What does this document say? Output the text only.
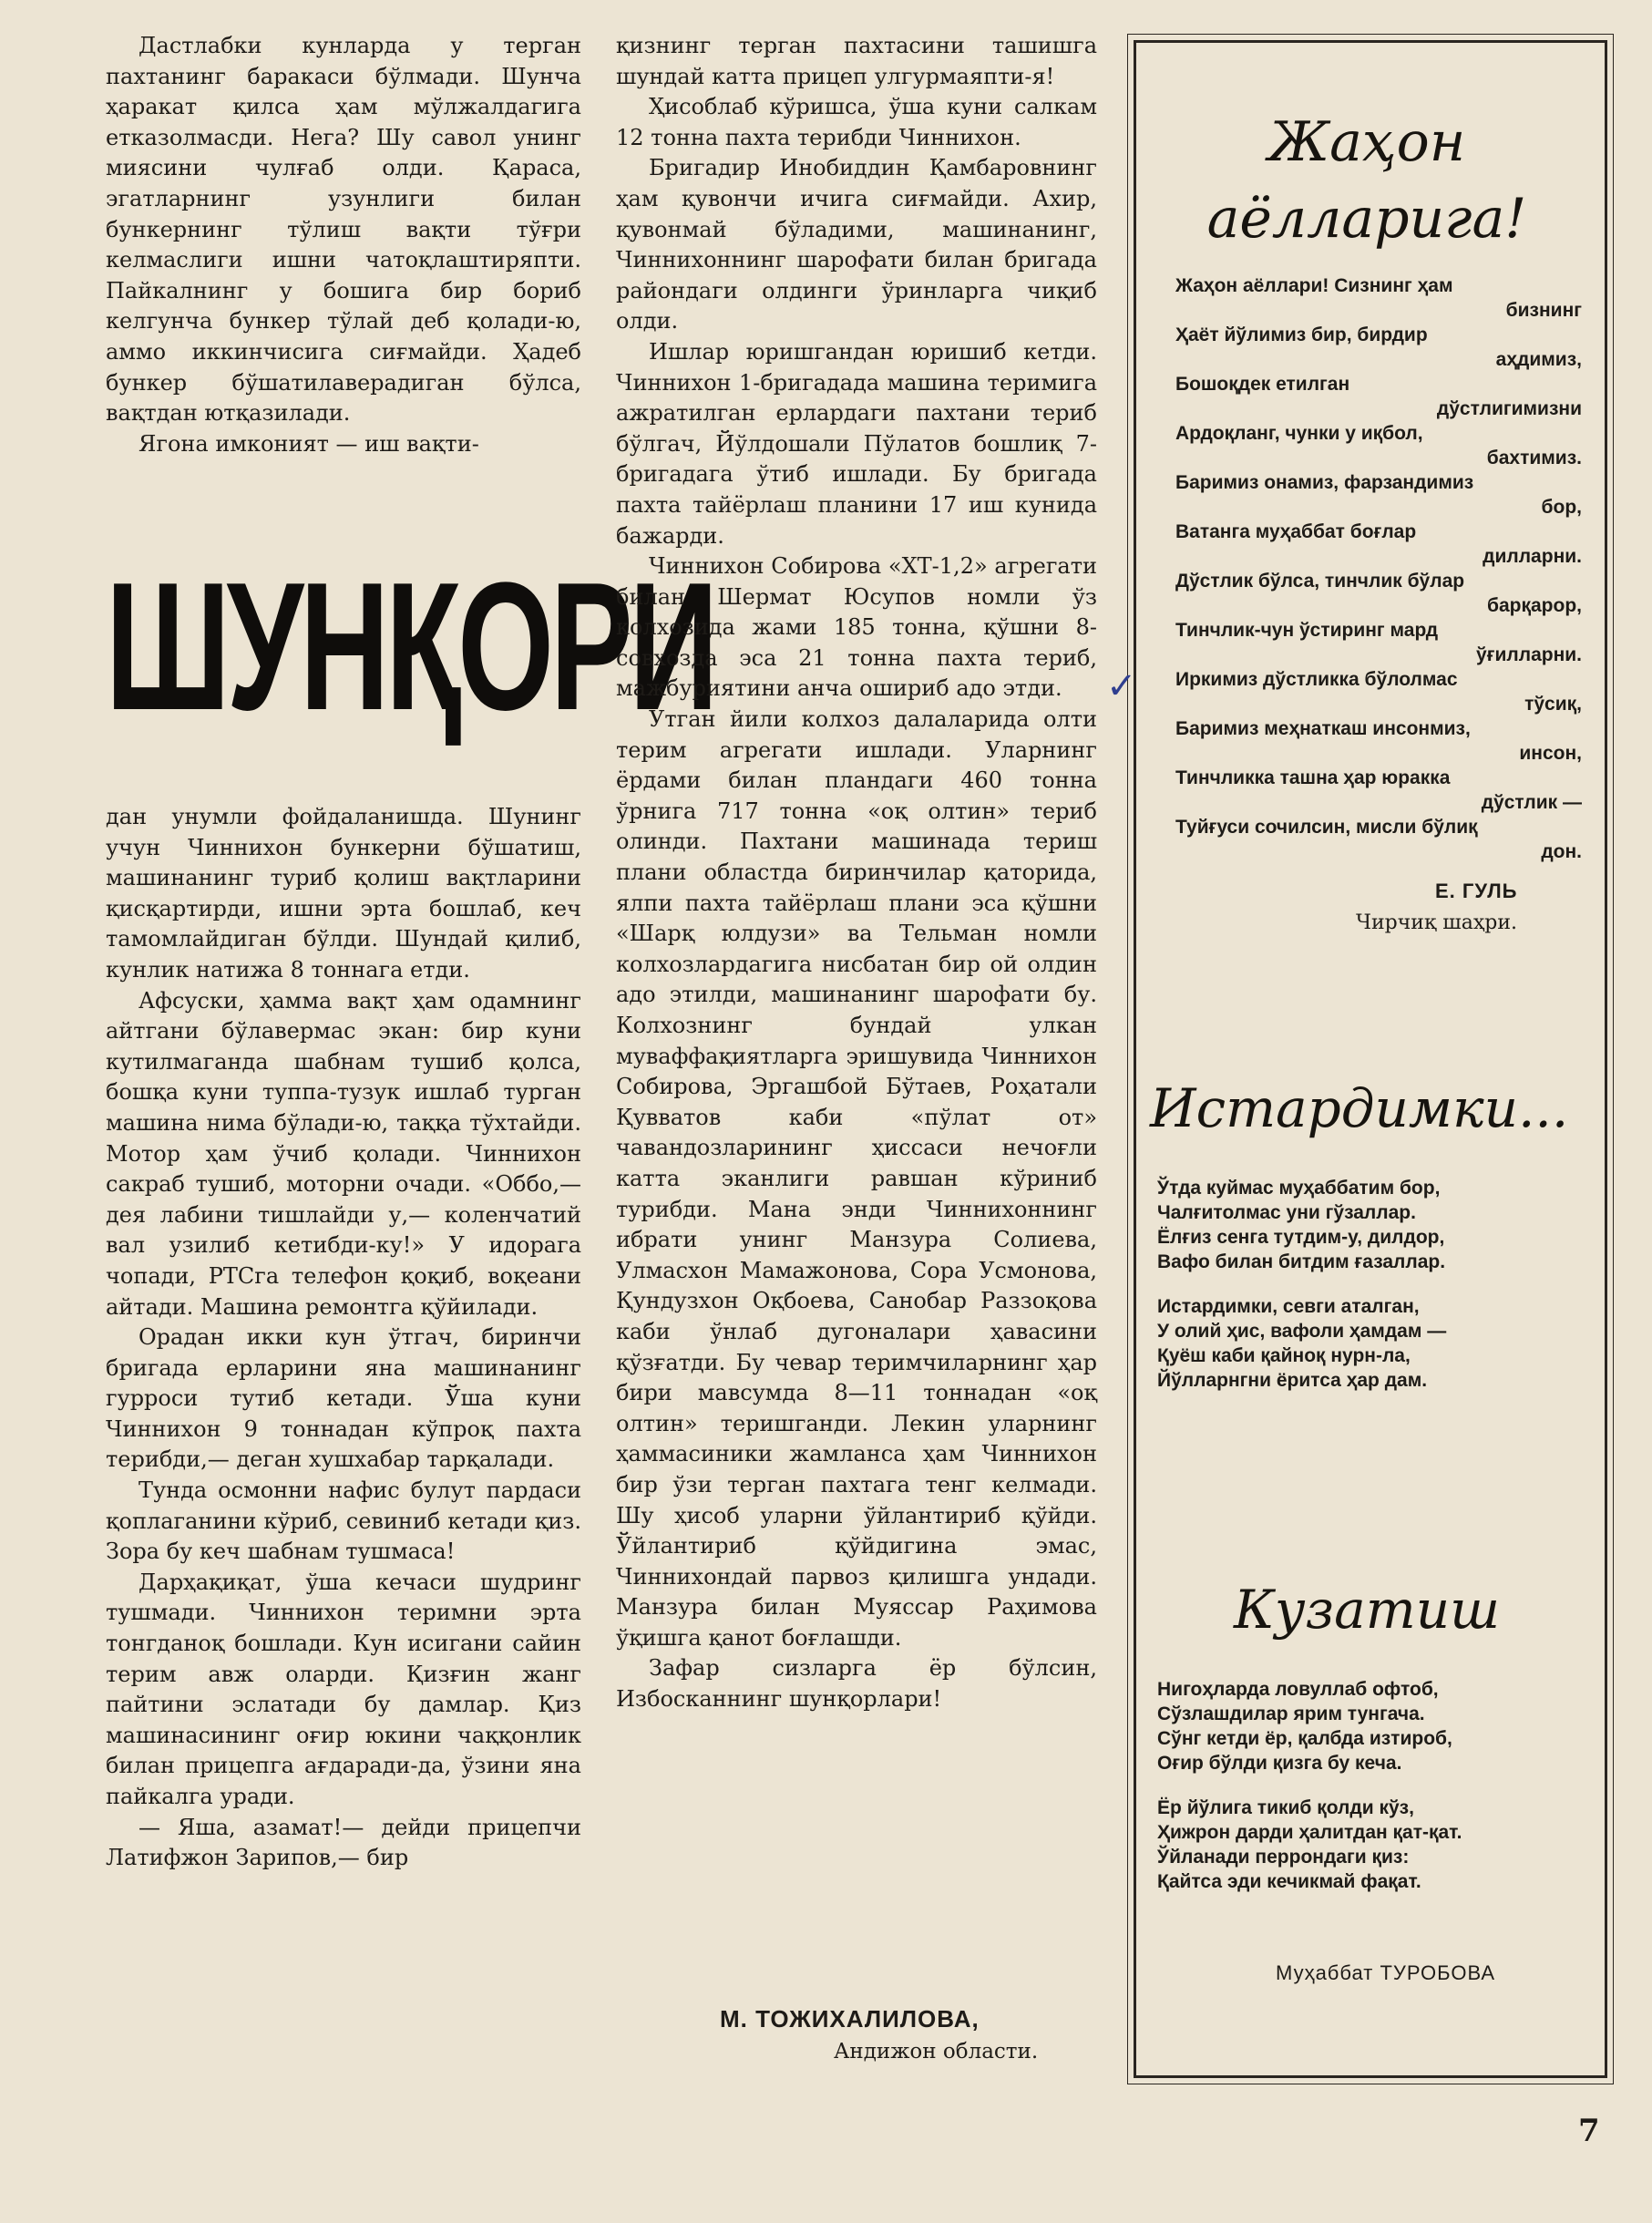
Дастлабки кунларда у терган пахтанинг баракаси бўлмади. Шунча ҳаракат қилса ҳам мўлжалдагига етказолмасди. Нега? Шу савол унинг миясини чулғаб олди. Қараса, эгатларнинг узунлиги билан бункернинг тўлиш вақти тўғри келмаслиги ишни чатоқлаштиряпти. Пайкалнинг у бошига бир бориб келгунча бункер тўлай деб қолади-ю, аммо иккинчисига сиғмайди. Ҳадеб бункер бўшатилаверадиган бўлса, вақтдан ютқазилади.

Ягона имконият — иш вақти-

ШУНҚОРИ

дан унумли фойдаланишда. Шунинг учун Чиннихон бункерни бўшатиш, машинанинг туриб қолиш вақтларини қисқартирди, ишни эрта бошлаб, кеч тамомлайдиган бўлди. Шундай қилиб, кунлик натижа 8 тоннага етди.

Афсуски, ҳамма вақт ҳам одамнинг айтгани бўлавермас экан: бир куни кутилмаганда шабнам тушиб қолса, бошқа куни туппа-тузук ишлаб турган машина нима бўлади-ю, таққа тўхтайди. Мотор ҳам ўчиб қолади. Чиннихон сакраб тушиб, моторни очади. «Оббо,— дея лабини тишлайди у,— коленчатий вал узилиб кетибди-ку!» У идорага чопади, РТСга телефон қоқиб, воқеани айтади. Машина ремонтга қўйилади.

Орадан икки кун ўтгач, биринчи бригада ерларини яна машинанинг гурроси тутиб кетади. Ўша куни Чиннихон 9 тоннадан кўпроқ пахта терибди,— деган хушхабар тарқалади.

Тунда осмонни нафис булут пардаси қоплаганини кўриб, севиниб кетади қиз. Зора бу кеч шабнам тушмаса!

Дарҳақиқат, ўша кечаси шудринг тушмади. Чиннихон теримни эрта тонгданоқ бошлади. Кун исигани сайин терим авж оларди. Қизғин жанг пайтини эслатади бу дамлар. Қиз машинасининг оғир юкини чаққонлик билан прицепга ағдаради-да, ўзини яна пайкалга уради.

— Яша, азамат!— дейди прицепчи Латифжон Зарипов,— бир

қизнинг терган пахтасини ташишга шундай катта прицеп улгурмаяпти-я!

Ҳисоблаб кўришса, ўша куни салкам 12 тонна пахта терибди Чиннихон.

Бригадир Инобиддин Қамбаровнинг ҳам қувончи ичига сиғмайди. Ахир, қувонмай бўладими, машинанинг, Чиннихоннинг шарофати билан бригада райондаги олдинги ўринларга чиқиб олди.

Ишлар юришгандан юришиб кетди. Чиннихон 1-бригадада машина теримига ажратилган ерлардаги пахтани териб бўлгач, Йўлдошали Пўлатов бошлиқ 7-бригадага ўтиб ишлади. Бу бригада пахта тайёрлаш планини 17 иш кунида бажарди.

Чиннихон Собирова «ХТ-1,2» агрегати билан Шермат Юсупов номли ўз колхозида жами 185 тонна, қўшни 8-совхозда эса 21 тонна пахта териб, мажбуриятини анча ошириб адо этди.

Утган йили колхоз далаларида олти терим агрегати ишлади. Уларнинг ёрдами билан пландаги 460 тонна ўрнига 717 тонна «оқ олтин» териб олинди. Пахтани машинада териш плани областда биринчилар қаторида, ялпи пахта тайёрлаш плани эса қўшни «Шарқ юлдузи» ва Тельман номли колхозлардагига нисбатан бир ой олдин адо этилди, машинанинг шарофати бу. Колхознинг бундай улкан муваффақиятларга эришувида Чиннихон Собирова, Эргашбой Бўтаев, Роҳатали Қувватов каби «пўлат от» чавандозларининг ҳиссаси нечоғли катта эканлиги равшан кўриниб турибди. Мана энди Чиннихоннинг ибрати унинг Манзура Солиева, Улмасхон Мамажонова, Сора Усмонова, Қундузхон Оқбоева, Санобар Раззоқова каби ўнлаб дугоналари ҳавасини қўзғатди. Бу чевар теримчиларнинг ҳар бири мавсумда 8—11 тоннадан «оқ олтин» теришганди. Лекин уларнинг ҳаммасиники жамланса ҳам Чиннихон бир ўзи терган пахтага тенг келмади. Шу ҳисоб уларни ўйлантириб қўйди. Ўйлантириб қўйдигина эмас, Чиннихондай парвоз қилишга ундади. Манзура билан Муяссар Раҳимова ўқишга қанот боғлашди.

Зафар сизларга ёр бўлсин, Избосканнинг шунқорлари!

М. ТОЖИХАЛИЛОВА,
Андижон области.
Жаҳон
аёлларига!
Жаҳон аёллари! Сизнинг ҳам
бизнинг
Ҳаёт йўлимиз бир, бирдир
аҳдимиз,
Бошоқдек етилган
дўстлигимизни
Ардоқланг, чунки у иқбол,
бахтимиз.
Баримиз онамиз, фарзандимиз
бор,
Ватанга муҳаббат боғлар
дилларни.
Дўстлик бўлса, тинчлик бўлар
барқарор,
Тинчлик-чун ўстиринг мард
ўғилларни.
Иркимиз дўстликка бўлолмас
тўсиқ,
Баримиз меҳнаткаш инсонмиз,
инсон,
Тинчликка ташна ҳар юракка
дўстлик —
Туйғуси сочилсин, мисли бўлиқ
дон.
Е. ГУЛЬ
Чирчиқ шаҳри.
Истардимки...
Ўтда куймас муҳаббатим бор,
Чалғитолмас уни гўзаллар.
Ёлғиз сенга тутдим-у, дилдор,
Вафо билан битдим ғазаллар.
Истардимки, севги аталган,
У олий ҳис, вафоли ҳамдам —
Қуёш каби қайноқ нурн-ла,
Йўлларнгни ёритса ҳар дам.
Кузатиш
Нигоҳларда ловуллаб офтоб,
Сўзлашдилар ярим тунгача.
Сўнг кетди ёр, қалбда изтироб,
Оғир бўлди қизга бу кеча.
Ёр йўлига тикиб қолди кўз,
Ҳижрон дарди ҳалитдан қат-қат.
Ўйланади перрондаги қиз:
Қайтса эди кечикмай фақат.
Муҳаббат ТУРОБОВА
7
✓
